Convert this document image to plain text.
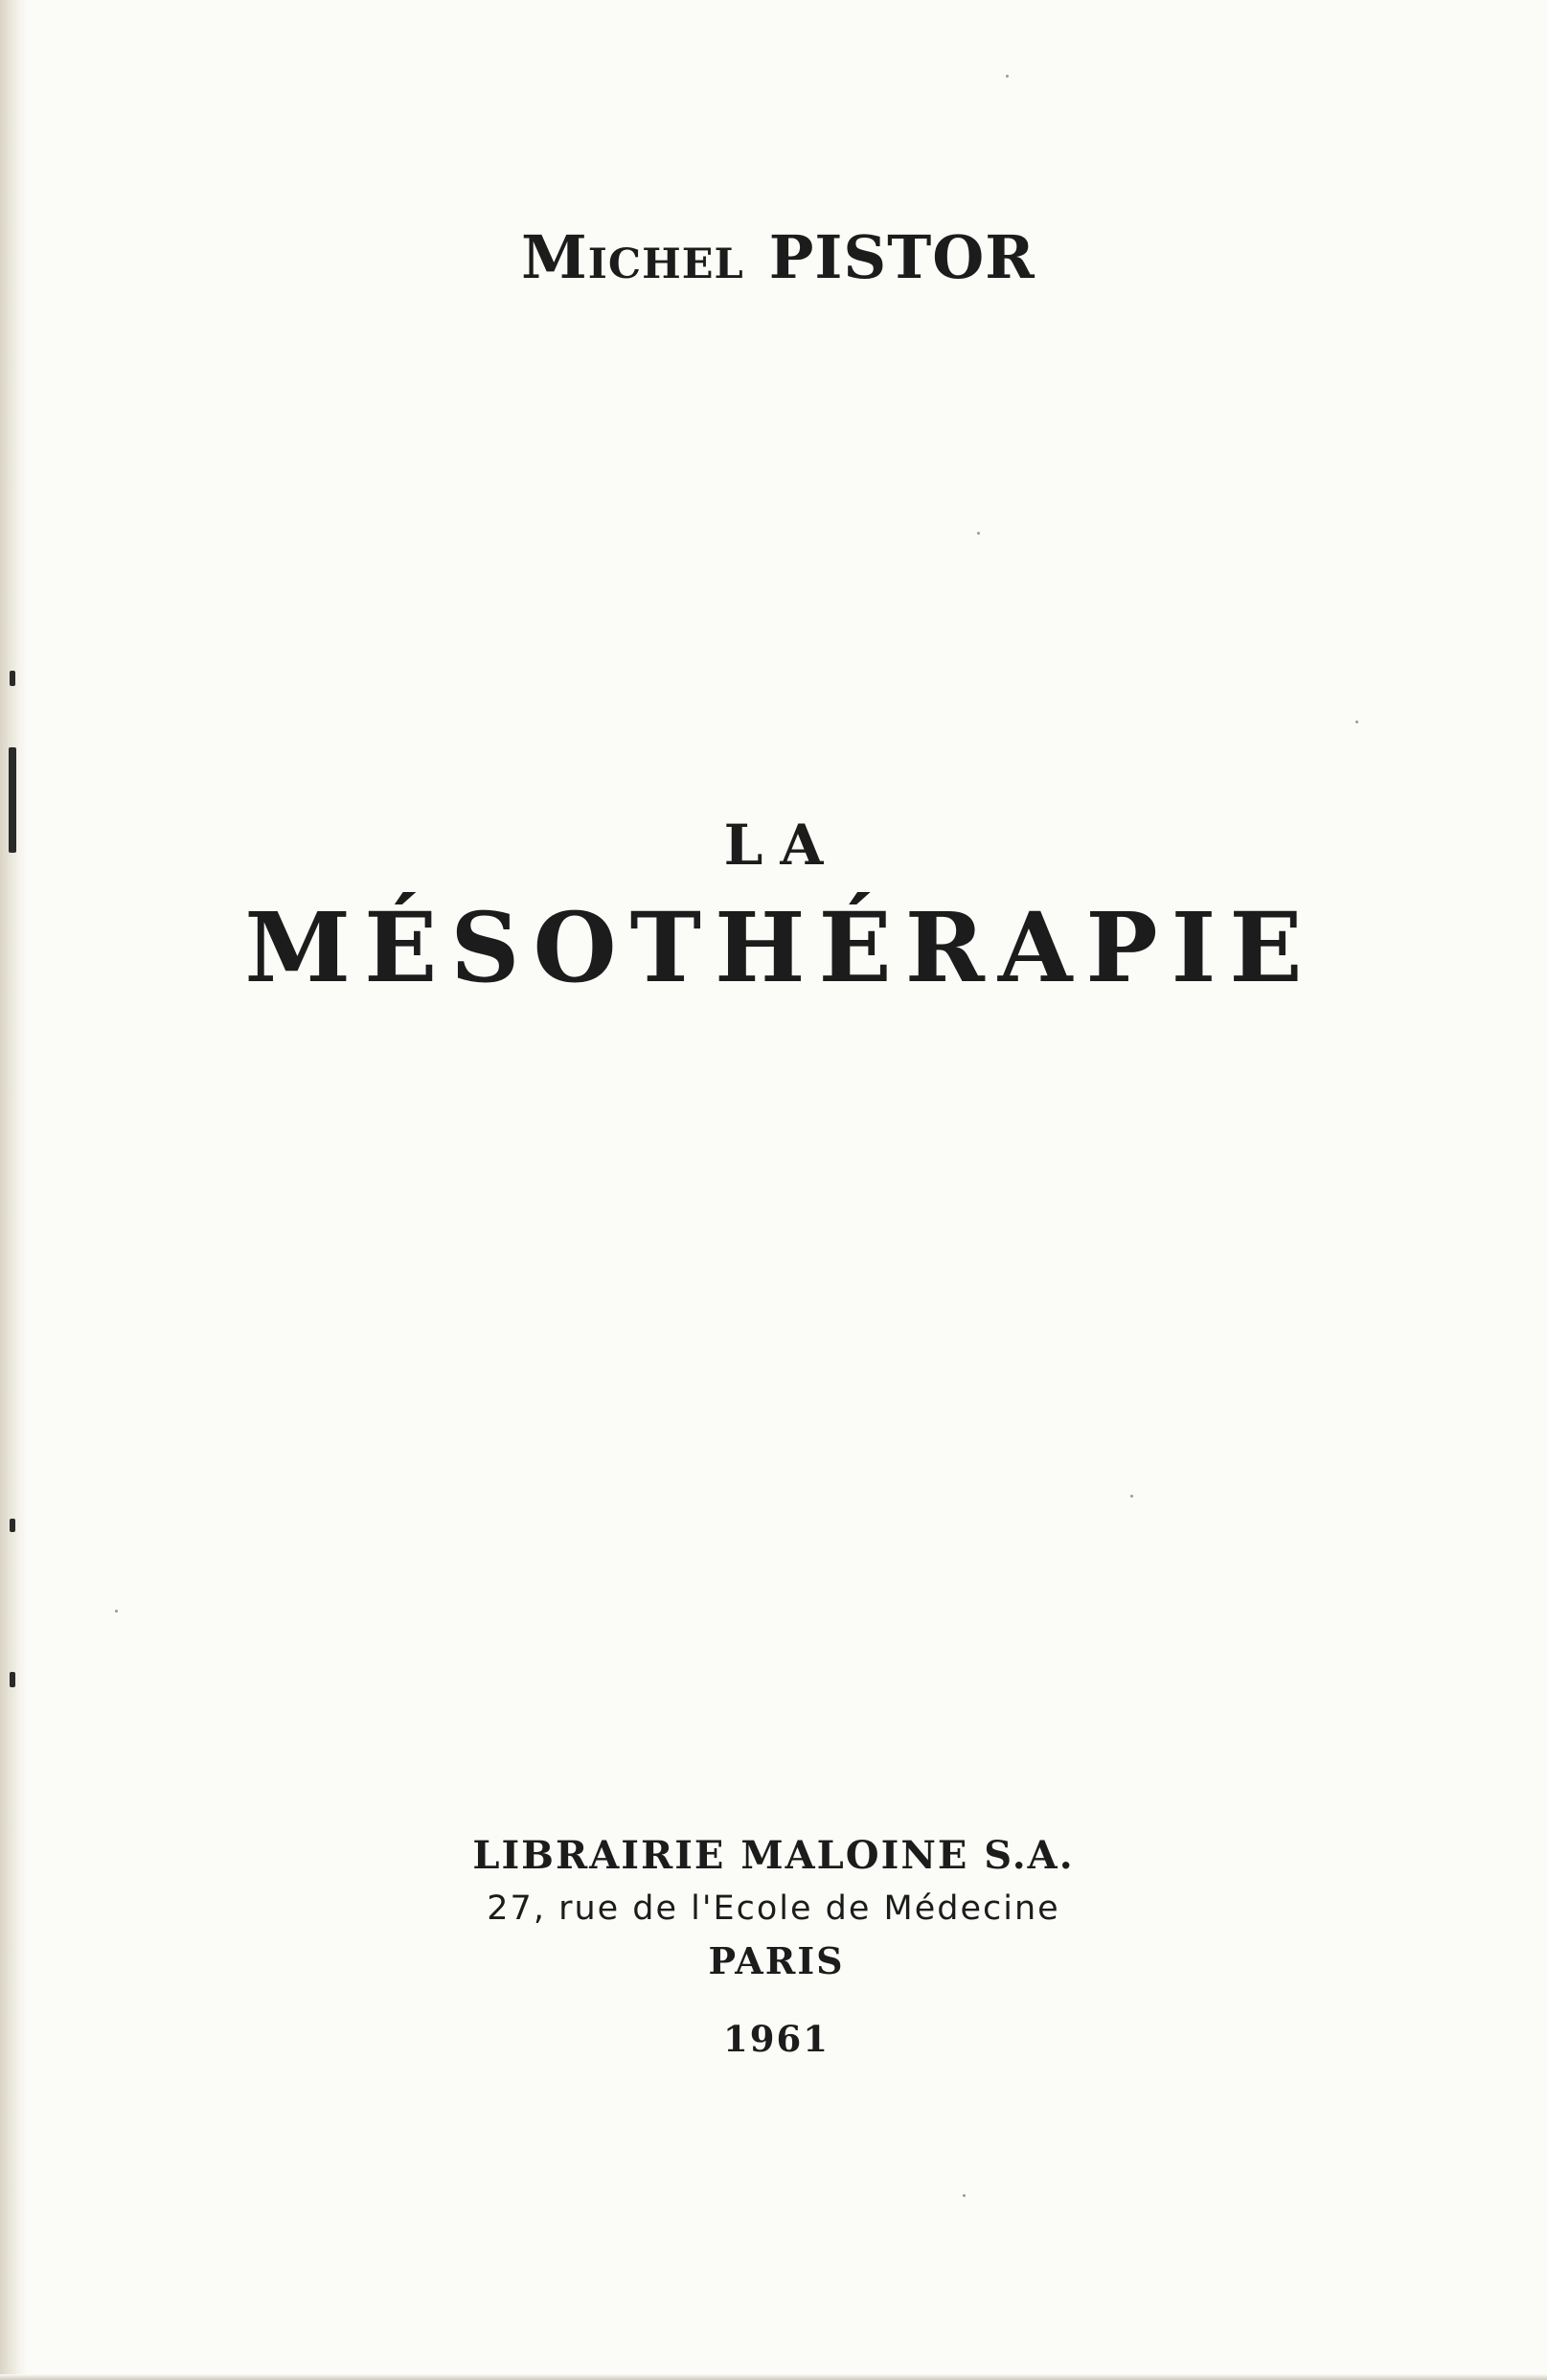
Michel PISTOR
LA
MÉSOTHÉRAPIE
LIBRAIRIE MALOINE S.A.
27, rue de l'Ecole de Médecine
PARIS
1961
